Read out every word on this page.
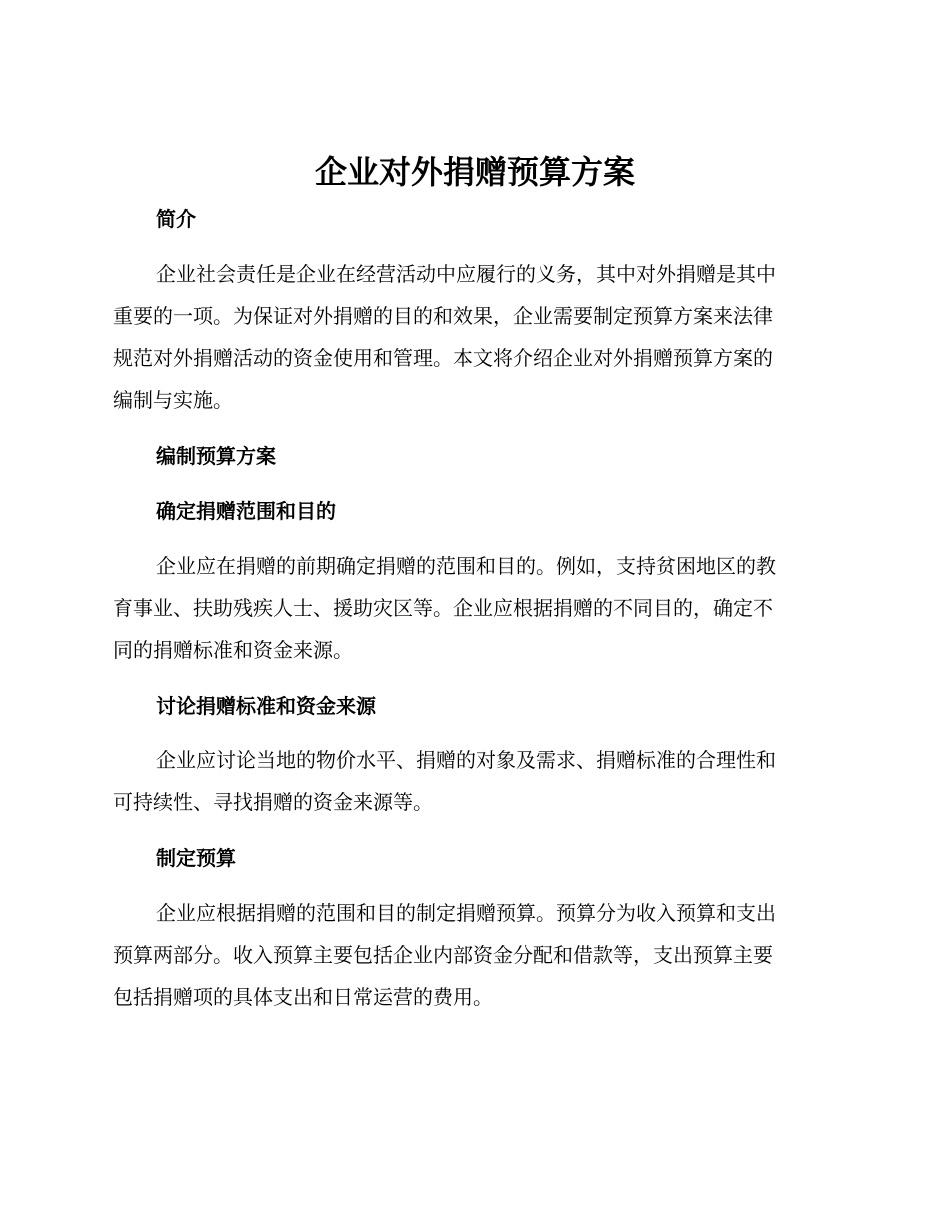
企业对外捐赠预算方案
简介
企业社会责任是企业在经营活动中应履行的义务，其中对外捐赠是其中
重要的一项。为保证对外捐赠的目的和效果，企业需要制定预算方案来法律
规范对外捐赠活动的资金使用和管理。本文将介绍企业对外捐赠预算方案的
编制与实施。
编制预算方案
确定捐赠范围和目的
企业应在捐赠的前期确定捐赠的范围和目的。例如，支持贫困地区的教
育事业、扶助残疾人士、援助灾区等。企业应根据捐赠的不同目的，确定不
同的捐赠标准和资金来源。
讨论捐赠标准和资金来源
企业应讨论当地的物价水平、捐赠的对象及需求、捐赠标准的合理性和
可持续性、寻找捐赠的资金来源等。
制定预算
企业应根据捐赠的范围和目的制定捐赠预算。预算分为收入预算和支出
预算两部分。收入预算主要包括企业内部资金分配和借款等，支出预算主要
包括捐赠项的具体支出和日常运营的费用。
